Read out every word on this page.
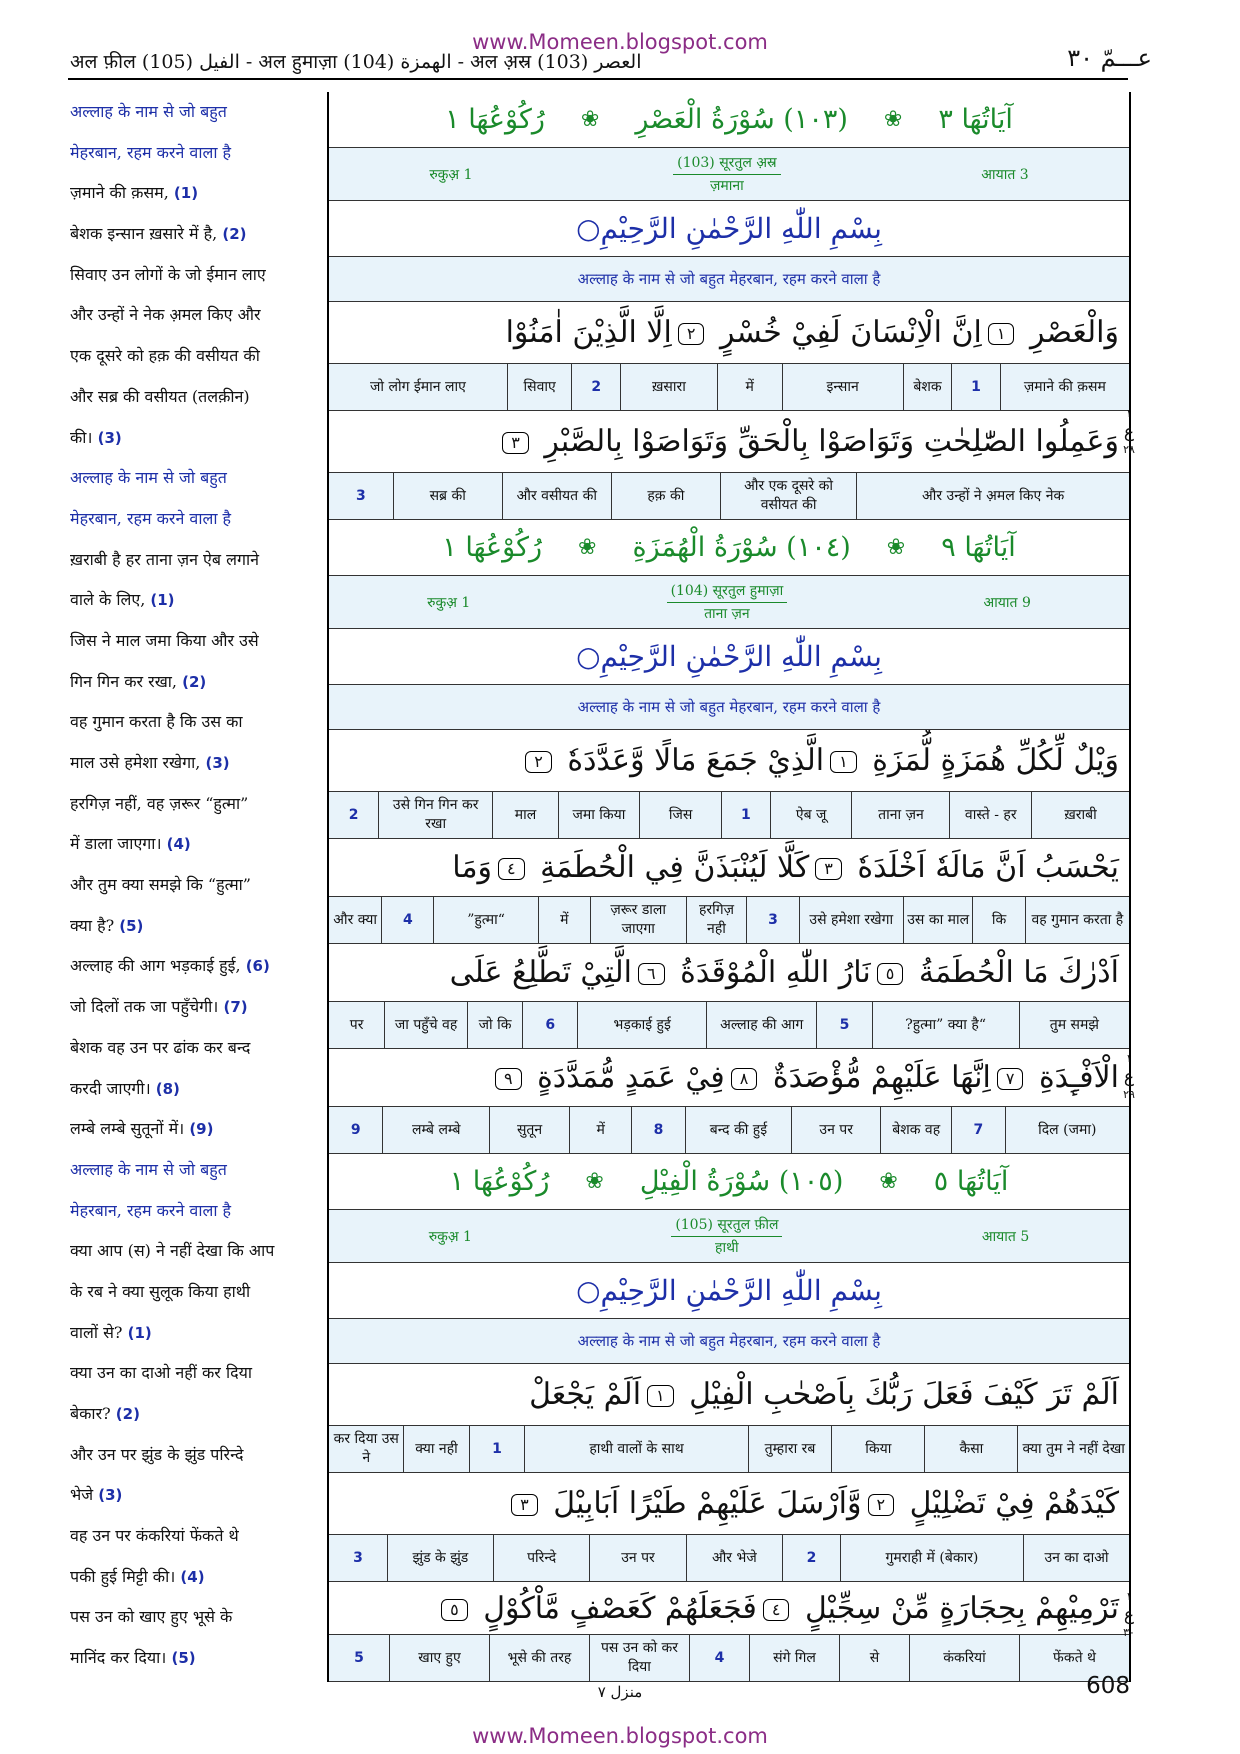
www.Momeen.blogspot.com
अल फ़ील (105) الفيل - अल हुमाज़ा (104) الهمزة - अल अ़स्र (103) العصر	عـــمّ ٣٠
अल्लाह के नाम से जो बहुत
मेहरबान, रहम करने वाला है
ज़माने की क़सम, (1)
बेशक इन्सान ख़सारे में है, (2)
सिवाए उन लोगों के जो ईमान लाए
और उन्हों ने नेक अ़मल किए और
एक दूसरे को हक़ की वसीयत की
और सब्र की वसीयत (तलक़ीन)
की। (3)
अल्लाह के नाम से जो बहुत
मेहरबान, रहम करने वाला है
ख़राबी है हर ताना ज़न ऐब लगाने
वाले के लिए, (1)
जिस ने माल जमा किया और उसे
गिन गिन कर रखा, (2)
वह गुमान करता है कि उस का
माल उसे हमेशा रखेगा, (3)
हरगिज़ नहीं, वह ज़रूर “हुत्मा”
में डाला जाएगा। (4)
और तुम क्या समझे कि “हुत्मा”
क्या है? (5)
अल्लाह की आग भड़काई हुई, (6)
जो दिलों तक जा पहुँचेगी। (7)
बेशक वह उन पर ढांक कर बन्द
करदी जाएगी। (8)
लम्बे लम्बे सुतूनों में। (9)
अल्लाह के नाम से जो बहुत
मेहरबान, रहम करने वाला है
क्या आप (स) ने नहीं देखा कि आप
के रब ने क्या सुलूक किया हाथी
वालों से? (1)
क्या उन का दाओ नहीं कर दिया
बेकार? (2)
और उन पर झुंड के झुंड परिन्दे
भेजे (3)
वह उन पर कंकरियां फेंकते थे
पकी हुई मिट्टी की। (4)
पस उन को खाए हुए भूसे के
मानिंद कर दिया। (5)
آيَاتُهَا ٣
❀
(١٠٣) سُوْرَةُ الْعَصْرِ
❀
رُكُوْعُهَا ١
रुकुअ़ 1
(103) सूरतुल अ़स्र
ज़माना
आयात 3
بِسْمِ اللّٰهِ الرَّحْمٰنِ الرَّحِيْمِ○
अल्लाह के नाम से जो बहुत मेहरबान, रहम करने वाला है
وَالْعَصْرِ ١اِنَّ الْاِنْسَانَ لَفِيْ خُسْرٍ ٢اِلَّا الَّذِيْنَ اٰمَنُوْا
ज़माने की क़सम
1
बेशक
इन्सान
में
ख़सारा
2
सिवाए
जो लोग ईमान लाए
وَعَمِلُوا الصّٰلِحٰتِ وَتَوَاصَوْا بِالْحَقِّ وَتَوَاصَوْا بِالصَّبْرِ ٣
और उन्हों ने अ़मल किए नेक
और एक दूसरे को वसीयत की
हक़ की
और वसीयत की
सब्र की
3
آيَاتُهَا ٩
❀
(١٠٤) سُوْرَةُ الْهُمَزَةِ
❀
رُكُوْعُهَا ١
रुकुअ़ 1
(104) सूरतुल हुमाज़ा
ताना ज़न
आयात 9
بِسْمِ اللّٰهِ الرَّحْمٰنِ الرَّحِيْمِ○
अल्लाह के नाम से जो बहुत मेहरबान, रहम करने वाला है
وَيْلٌ لِّكُلِّ هُمَزَةٍ لُّمَزَةِ ١الَّذِيْ جَمَعَ مَالًا وَّعَدَّدَهٗ ٢
ख़राबी
वास्ते - हर
ताना ज़न
ऐब जू
1
जिस
जमा किया
माल
उसे गिन गिन कर रखा
2
يَحْسَبُ اَنَّ مَالَهٗ اَخْلَدَهٗ ٣كَلَّا لَيُنْبَذَنَّ فِي الْحُطَمَةِ ٤وَمَا
वह गुमान करता है
कि
उस का माल
उसे हमेशा रखेगा
3
हरगिज़ नही
ज़रूर डाला जाएगा
में
“हुत्मा”
4
और क्या
اَدْرٰكَ مَا الْحُطَمَةُ ٥نَارُ اللّٰهِ الْمُوْقَدَةُ ٦الَّتِيْ تَطَّلِعُ عَلَى
तुम समझे
“हुत्मा” क्या है?
5
अल्लाह की आग
भड़काई हुई
6
जो कि
जा पहुँचे वह
पर
الْاَفْـِٕدَةِ ٧اِنَّهَا عَلَيْهِمْ مُّؤْصَدَةٌ ٨فِيْ عَمَدٍ مُّمَدَّدَةٍ ٩
दिल (जमा)
7
बेशक वह
उन पर
बन्द की हुई
8
में
सुतून
लम्बे लम्बे
9
آيَاتُهَا ٥
❀
(١٠٥) سُوْرَةُ الْفِيْلِ
❀
رُكُوْعُهَا ١
रुकुअ़ 1
(105) सूरतुल फ़ील
हाथी
आयात 5
بِسْمِ اللّٰهِ الرَّحْمٰنِ الرَّحِيْمِ○
अल्लाह के नाम से जो बहुत मेहरबान, रहम करने वाला है
اَلَمْ تَرَ كَيْفَ فَعَلَ رَبُّكَ بِاَصْحٰبِ الْفِيْلِ ١اَلَمْ يَجْعَلْ
क्या तुम ने नहीं देखा
कैसा
किया
तुम्हारा रब
हाथी वालों के साथ
1
क्या नही
कर दिया उस ने
كَيْدَهُمْ فِيْ تَضْلِيْلٍ ٢وَّاَرْسَلَ عَلَيْهِمْ طَيْرًا اَبَابِيْلَ ٣
उन का दाओ
गुमराही में (बेकार)
2
और भेजे
उन पर
परिन्दे
झुंड के झुंड
3
تَرْمِيْهِمْ بِحِجَارَةٍ مِّنْ سِجِّيْلٍ ٤فَجَعَلَهُمْ كَعَصْفٍ مَّاْكُوْلٍ ٥
फेंकते थे
कंकरियां
से
संगे गिल
4
पस उन को कर दिया
भूसे की तरह
खाए हुए
5
١
ع
٢٨
١
ع
٢٩
١
ع
٣٠
منزل ٧	608
www.Momeen.blogspot.com
